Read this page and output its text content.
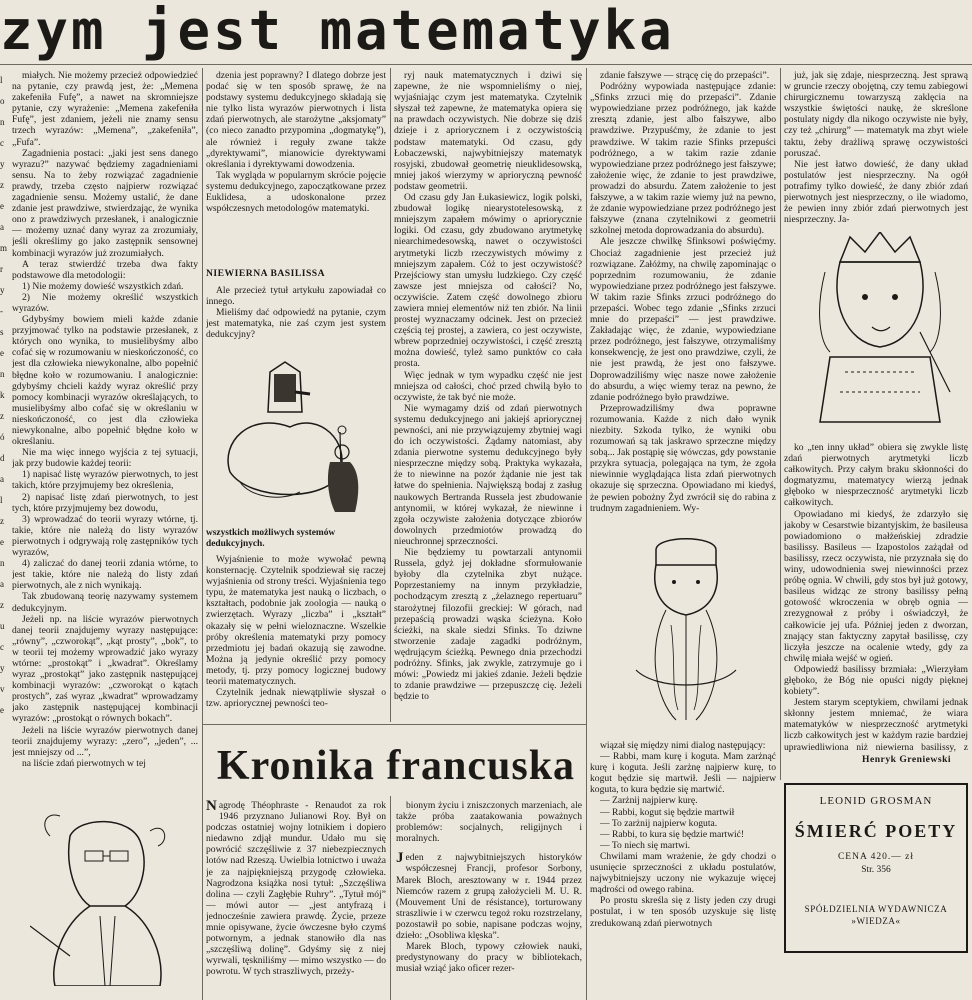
zym jest matematyka
l
o
n
c
y
z
e
a
m
r
y
-
s
e
n
k
z
ó
d
a
l
z
e
n
a
z
u
c
y
v
e

miałych. Nie możemy przecież odpowiedzieć na pytanie, czy prawdą jest, że: „Memena zakefeniła Fufę”, a nawet na skromniejsze pytanie, czy wyrażenie: „Memena zakefeniła Fufę”, jest zdaniem, jeżeli nie znamy sensu trzech wyrazów: „Memena”, „zakefeniła”, „Fufa”.

Zagadnienia postaci: „jaki jest sens danego wyrazu?” nazywać będziemy zagadnieniami sensu. Na to żeby rozwiązać zagadnienie prawdy, trzeba często najpierw rozwiązać zagadnienie sensu. Możemy ustalić, że dane zdanie jest prawdziwe, stwierdzając, że wynika ono z prawdziwych przesłanek, i analogicznie — możemy uznać dany wyraz za zrozumiały, jeśli określimy go jako zastępnik sensownej kombinacji wyrazów już zrozumiałych.

A teraz stwierdźć trzeba dwa fakty podstawowe dla metodologii:

1) Nie możemy dowieść wszystkich zdań.

2) Nie możemy określić wszystkich wyrazów.

Gdybyśmy bowiem mieli każde zdanie przyjmować tylko na podstawie przesłanek, z których ono wynika, to musielibyśmy albo cofać się w rozumowaniu w nieskończoność, co jest dla człowieka niewykonalne, albo popełnić błędne koło w rozumowaniu. I analogicznie: gdybyśmy chcieli każdy wyraz określić przy pomocy kombinacji wyrazów określających, to musielibyśmy albo cofać się w określaniu w nieskończoność, co jest dla człowieka niewykonalne, albo popełnić błędne koło w określaniu.

Nie ma więc innego wyjścia z tej sytuacji, jak przy budowie każdej teorii:

1) napisać listę wyrazów pierwotnych, to jest takich, które przyjmujemy bez określenia,

2) napisać listę zdań pierwotnych, to jest tych, które przyjmujemy bez dowodu,

3) wprowadzać do teorii wyrazy wtórne, tj. takie, które nie należą do listy wyrazów pierwotnych i odgrywają rolę zastępników tych wyrazów,

4) zaliczać do danej teorii zdania wtórne, to jest takie, które nie należą do listy zdań pierwotnych, ale z nich wynikają.

Tak zbudowaną teorię nazywamy systemem dedukcyjnym.

Jeżeli np. na liście wyrazów pierwotnych danej teorii znajdujemy wyrazy następujące: „równy”, „czworokąt”, „kąt prosty”, „bok”, to w teorii tej możemy wprowadzić jako wyrazy wtórne: „prostokąt” i „kwadrat”. Określamy wyraz „prostokąt” jako zastępnik następującej kombinacji wyrazów: „czworokąt o kątach prostych”, zaś wyraz „kwadrat” wprowadzamy jako zastępnik następującej kombinacji wyrazów: „prostokąt o równych bokach”.

Jeżeli na liście wyrazów pierwotnych danej teorii znajdujemy wyrazy: „zero”, „jeden”, ... jest mniejszy od ...”,

na liście zdań pierwotnych w tej

dzenia jest poprawny? I dlatego dobrze jest podać się w ten sposób sprawę, że na podstawy systemu dedukcyjnego składają się nie tylko lista wyrazów pierwotnych i lista zdań pierwotnych, ale starożytne „aksjomaty” (co nieco zanadto przypomina „dogmatykę”), ale również i reguły zwane także „dyrektywami”, mianowicie dyrektywami określania i dyrektywami dowodzenia.

Tak wygląda w popularnym skrócie pojęcie systemu dedukcyjnego, zapoczątkowane przez Euklidesa, a udoskonalone przez współczesnych metodologów matematyki.

NIEWIERNA BASILISSA

Ale przecież tytuł artykułu zapowiadał co innego.

Mieliśmy dać odpowiedź na pytanie, czym jest matematyka, nie zaś czym jest system dedukcyjny?

wszystkich możliwych systemów dedukcyjnych.

Wyjaśnienie to może wywołać pewną konsternację. Czytelnik spodziewał się raczej wyjaśnienia od strony treści. Wyjaśnienia tego typu, że matematyka jest nauką o liczbach, o kształtach, podobnie jak zoologia — nauką o zwierzętach. Wyrazy „liczba” i „kształt” okazały się w pełni wieloznaczne. Wszelkie próby określenia matematyki przy pomocy przedmiotu jej badań okazują się zawodne. Można ją jedynie określić przy pomocy metody, tj. przy pomocy logicznej budowy teorii matematycznych.

Czytelnik jednak niewątpliwie słyszał o tzw. apriorycznej pewności teo-

ryj nauk matematycznych i dziwi się zapewne, że nie wspomnieliśmy o niej, wyjaśniając czym jest matematyka. Czytelnik słyszał też zapewne, że matematyka opiera się na prawdach oczywistych. Nie dobrze się dziś dzieje i z apriorycznem i z oczywistością podstaw matematyki. Od czasu, gdy Łobaczewski, najwybitniejszy matematyk rosyjski, zbudował geometrię nieuklidesowską, mniej jakoś wierzymy w aprioryczną pewność podstaw geometrii.

Od czasu gdy Jan Łukasiewicz, logik polski, zbudował logikę niearystotelesowską, z mniejszym zapałem mówimy o apriorycznie logiki. Od czasu, gdy zbudowano arytmetykę niearchimedesowską, nawet o oczywistości arytmetyki liczb rzeczywistych mówimy z mniejszym zapałem. Cóż to jest oczywistość? Przejściowy stan umysłu ludzkiego. Czy część zawsze jest mniejsza od całości? No, oczywiście. Zatem część dowolnego zbioru zawiera mniej elementów niż ten zbiór. Na linii prostej wyznaczamy odcinek. Jest on przecież częścią tej prostej, a zawiera, co jest oczywiste, wbrew poprzedniej oczywistości, i część zresztą można dowieść, tyleż samo punktów co cała prosta.

Więc jednak w tym wypadku część nie jest mniejsza od całości, choć przed chwilą było to oczywiste, że tak być nie może.

Nie wymagamy dziś od zdań pierwotnych systemu dedukcyjnego ani jakiejś apriorycznej pewności, ani nie przywiązujemy zbytniej wagi do ich oczywistości. Żądamy natomiast, aby zdania pierwotne systemu dedukcyjnego były niesprzeczne między sobą. Praktyka wykazała, że to niewinne na pozór żądanie nie jest tak łatwe do spełnienia. Największą bodaj z zasług naukowych Bertranda Russela jest zbudowanie antynomii, w której wykazał, że niewinne i zgoła oczywiste założenia dotyczące zbiorów dowolnych przedmiotów prowadzą do nieuchronnej sprzeczności.

Nie będziemy tu powtarzali antynomii Russela, gdyż jej dokładne sformułowanie byłoby dla czytelnika zbyt nużące. Poprzestaniemy na innym przykładzie, pochodzącym zresztą z „żelaznego repertuaru” starożytnej filozofii greckiej: W górach, nad przepaścią prowadzi wąska ścieżyna. Koło ścieżki, na skale siedzi Sfinks. To dziwne stworzenie zadaje zagadki podróżnym, wędrującym ścieżką. Pewnego dnia przechodzi podróżny. Sfinks, jak zwykle, zatrzymuje go i mówi: „Powiedz mi jakieś zdanie. Jeżeli będzie to zdanie prawdziwe — przepuszczę cię. Jeżeli będzie to

zdanie fałszywe — strącę cię do przepaści”.

Podróżny wypowiada następujące zdanie: „Sfinks zrzuci mię do przepaści”. Zdanie wypowiedziane przez podróżnego, jak każde zresztą zdanie, jest albo fałszywe, albo prawdziwe. Przypuśćmy, że zdanie to jest prawdziwe. W takim razie Sfinks przepuści podróżnego, a w takim razie zdanie wypowiedziane przez podróżnego jest fałszywe; założenie więc, że zdanie to jest prawdziwe, prowadzi do absurdu. Zatem założenie to jest fałszywe, a w takim razie wiemy już na pewno, że zdanie wypowiedziane przez podróżnego jest fałszywe (znana czytelnikowi z geometrii szkolnej metoda doprowadzania do absurdu).

Ale jeszcze chwilkę Sfinksowi poświęćmy. Chociaż zagadnienie jest przecież już rozwiązane. Załóżmy, na chwilę zapominając o poprzednim rozumowaniu, że zdanie wypowiedziane przez podróżnego jest fałszywe. W takim razie Sfinks zrzuci podróżnego do przepaści. Wobec tego zdanie „Sfinks zrzuci mnie do przepaści” — jest prawdziwe. Zakładając więc, że zdanie, wypowiedziane przez podróżnego, jest fałszywe, otrzymaliśmy konsekwencję, że jest ono prawdziwe, czyli, że nie jest prawdą, że jest ono fałszywe. Doprowadziliśmy więc nasze nowe założenie do absurdu, a więc wiemy teraz na pewno, że zdanie podróżnego było prawdziwe.

Przeprowadziliśmy dwa poprawne rozumowania. Każde z nich dało wynik niezbity. Szkoda tylko, że wyniki obu rozumowań są tak jaskrawo sprzeczne między sobą... Jak postąpię się wówczas, gdy powstanie przykra sytuacja, polegająca na tym, że zgoła niewinnie wyglądająca lista zdań pierwotnych okazuje się sprzeczna. Opowiadano mi kiedyś, że pewien pobożny Żyd zwrócił się do rabina z trudnym zagadnieniem. Wy-

wiązał się między nimi dialog następujący:

— Rabbi, mam kurę i koguta. Mam zarżnąć kurę i koguta. Jeśli zarżnę najpierw kurę, to kogut będzie się martwił. Jeśli — najpierw koguta, to kura będzie się martwić.

— Zarżnij najpierw kurę.

— Rabbi, kogut się będzie martwił

— To zarżnij najpierw koguta.

— Rabbi, to kura się będzie martwić!

— To niech się martwi.

Chwilami mam wrażenie, że gdy chodzi o usunięcie sprzeczności z układu postulatów, najwybitniejszy uczony nie wykazuje więcej mądrości od owego rabina.

Po prostu skreśla się z listy jeden czy drugi postulat, i w ten sposób uzyskuje się listę zredukowaną zdań pierwotnych

już, jak się zdaje, niesprzeczną. Jest sprawą w gruncie rzeczy obojętną, czy temu zabiegowi chirurgicznemu towarzyszą zaklęcia na wszystkie świętości naukę, że skreślone postulaty nigdy dla nikogo oczywiste nie były, czy też „chirurg” — matematyk ma zbyt wiele taktu, żeby drażliwą sprawę oczywistości poruszać.

Nie jest łatwo dowieść, że dany układ postulatów jest niesprzeczny. Na ogół potrafimy tylko dowieść, że dany zbiór zdań pierwotnych jest niesprzeczny, o ile wiadomo, że pewien inny zbiór zdań pierwotnych jest niesprzeczny. Ja-

ko „ten inny układ” obiera się zwykle listę zdań pierwotnych arytmetyki liczb całkowitych. Przy całym braku skłonności do dogmatyzmu, matematycy wierzą jednak głęboko w niesprzeczność arytmetyki liczb całkowitych.

Opowiadano mi kiedyś, że zdarzyło się jakoby w Cesarstwie bizantyjskim, że basileusa powiadomiono o małżeńskiej zdradzie basilissy. Basileus — Izapostolos zażądał od basilissy, rzecz oczywista, nie przyznała się do winy, udowodnienia swej niewinności przez próbę ognia. W chwili, gdy stos był już gotowy, basileus widząc ze strony basilissy pełną gotowość wkroczenia w obręb ognia — zrezygnował z próby i oświadczył, że całkowicie jej ufa. Później jeden z dworzan, znający stan faktyczny zapytał basilissę, czy liczyła jeszcze na ocalenie wtedy, gdy za chwilę miała wejść w ogień.

Odpowiedź basilissy brzmiała: „Wierzyłam głęboko, że Bóg nie opuści nigdy pięknej kobiety”.

Jestem starym sceptykiem, chwilami jednak skłonny jestem mniemać, że wiara matematyków w niesprzeczność arytmetyki liczb całkowitych jest w każdym razie bardziej uprawiedliwiona niż niewierna basilissy, z

Henryk Greniewski
Kronika francuska

Nagrodę Théophraste - Renaudot za rok 1946 przyznano Julianowi Roy. Był on podczas ostatniej wojny lotnikiem i dopiero niedawno zdjął mundur. Udało mu się powrócić szczęśliwie z 37 niebezpiecznych lotów nad Rzeszą. Uwielbia lotnictwo i uważa je za najpiękniejszą przygodę człowieka. Nagrodzona książka nosi tytuł: „Szczęśliwa dolina — czyli Zagłębie Ruhry”. „Tytuł mój” — mówi autor — „jest antyfrazą i jednocześnie zawiera prawdę. Życie, przeze mnie opisywane, życie ówczesne było czymś potwornym, a jednak stanowiło dla nas „szczęśliwą dolinę”. Gdyśmy się z niej wyrwali, tęskniliśmy — mimo wszystko — do powrotu. W tych straszliwych, przeży-

bionym życiu i zniszczonych marzeniach, ale także próba zaatakowania poważnych problemów: socjalnych, religijnych i moralnych.

Jeden z najwybitniejszych historyków współczesnej Francji, profesor Sorbony, Marek Bloch, aresztowany w r. 1944 przez Niemców razem z grupą założycieli M. U. R. (Mouvement Uni de résistance), torturowany straszliwie i w czerwcu tegoż roku rozstrzelany, pozostawił po sobie, napisane podczas wojny, dzieło: „Osobliwa klęska”.

Marek Bloch, typowy człowiek nauki, predystynowany do pracy w bibliotekach, musiał wziąć jako oficer rezer-

LEONID GROSMAN
ŚMIERĆ POETY
CENA 420.— zł
Str. 356
SPÓŁDZIELNIA WYDAWNICZA »WIEDZA«
